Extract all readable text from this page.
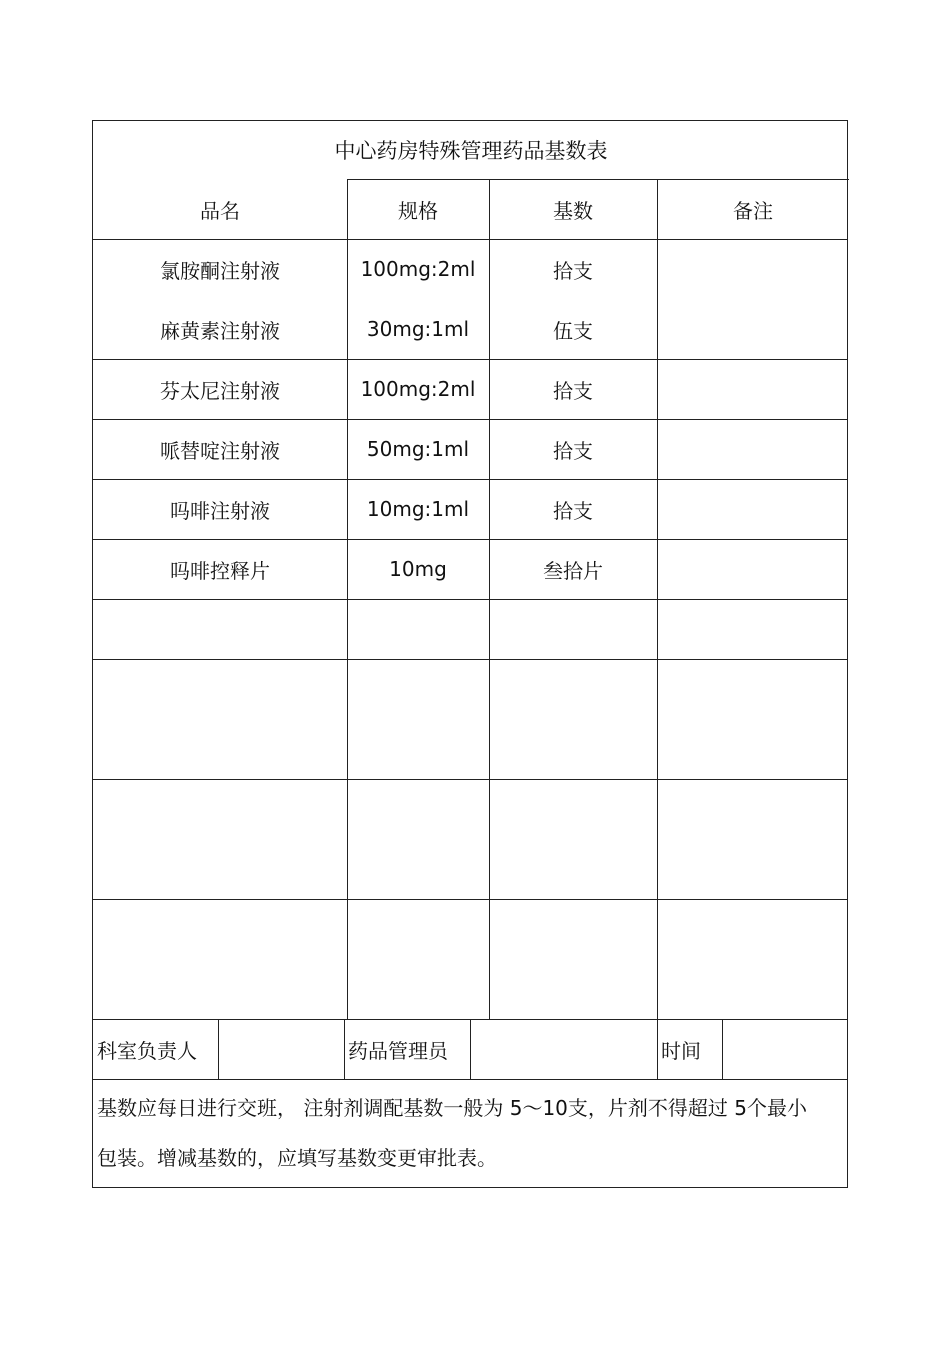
中心药房特殊管理药品基数表
品名	规格	基数	备注
氯胺酮注射液	100mg:2ml	拾支
麻黄素注射液	30mg:1ml	伍支
芬太尼注射液	100mg:2ml	拾支
哌替啶注射液	50mg:1ml	拾支
吗啡注射液	10mg:1ml	拾支
吗啡控释片	10mg	叁拾片
科室负责人	药品管理员	时间

基数应每日进行交班， 注射剂调配基数一般为 5～10支，片剂不得超过 5个最小

包装。增减基数的，应填写基数变更审批表。
